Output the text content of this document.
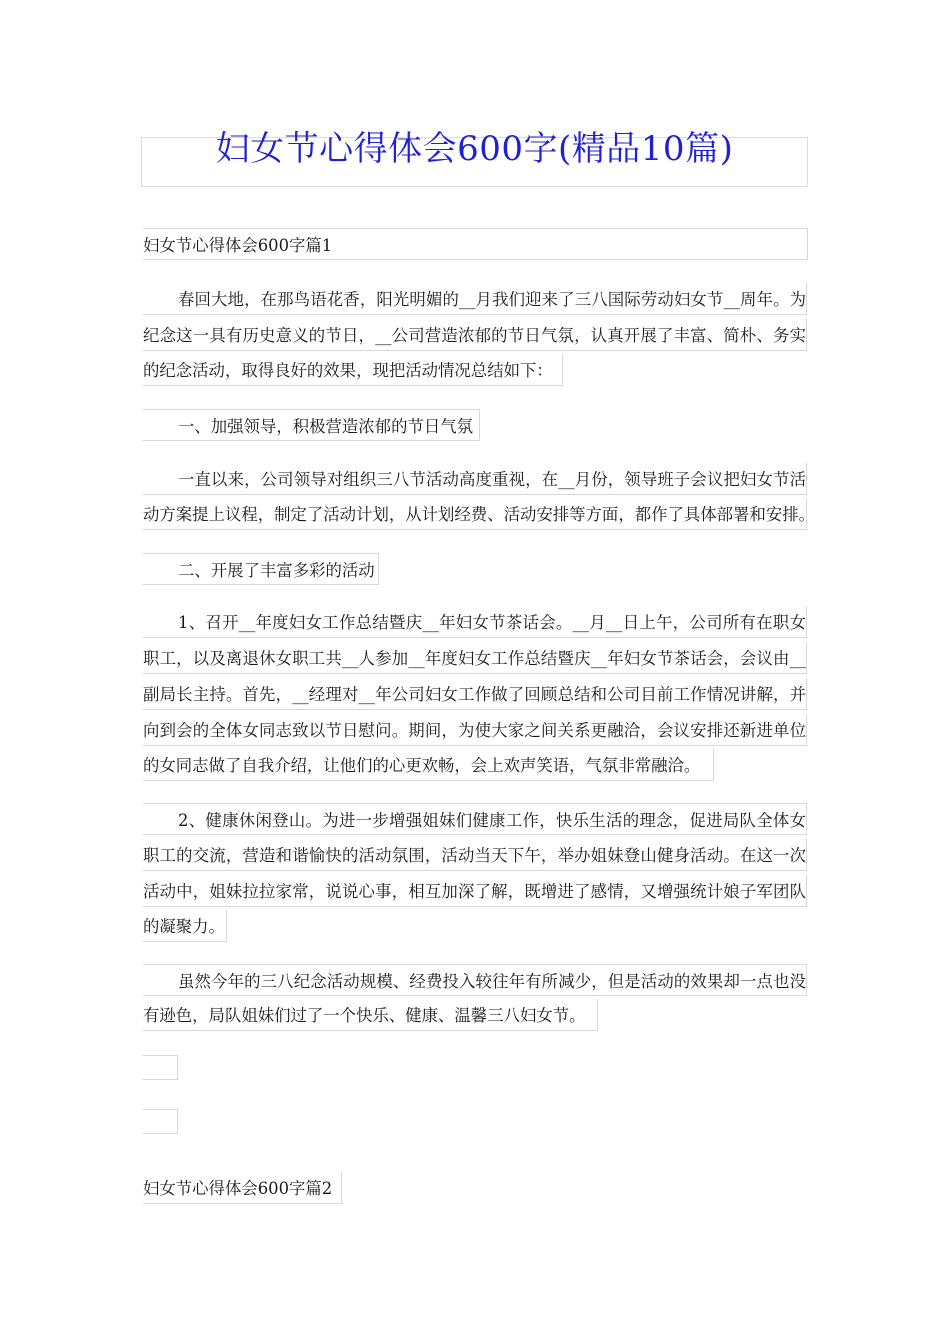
妇女节心得体会600字(精品10篇)
妇女节心得体会600字篇1
春回大地，在那鸟语花香，阳光明媚的__月我们迎来了三八国际劳动妇女节__周年。为
纪念这一具有历史意义的节日，__公司营造浓郁的节日气氛，认真开展了丰富、简朴、务实
的纪念活动，取得良好的效果，现把活动情况总结如下：
一、加强领导，积极营造浓郁的节日气氛
一直以来，公司领导对组织三八节活动高度重视，在__月份，领导班子会议把妇女节活
动方案提上议程，制定了活动计划，从计划经费、活动安排等方面，都作了具体部署和安排。
二、开展了丰富多彩的活动
1、召开__年度妇女工作总结暨庆__年妇女节茶话会。__月__日上午，公司所有在职女
职工，以及离退休女职工共__人参加__年度妇女工作总结暨庆__年妇女节茶话会，会议由__
副局长主持。首先，__经理对__年公司妇女工作做了回顾总结和公司目前工作情况讲解，并
向到会的全体女同志致以节日慰问。期间，为使大家之间关系更融洽，会议安排还新进单位
的女同志做了自我介绍，让他们的心更欢畅，会上欢声笑语，气氛非常融洽。
2、健康休闲登山。为进一步增强姐妹们健康工作，快乐生活的理念，促进局队全体女
职工的交流，营造和谐愉快的活动氛围，活动当天下午，举办姐妹登山健身活动。在这一次
活动中，姐妹拉拉家常，说说心事，相互加深了解，既增进了感情，又增强统计娘子军团队
的凝聚力。
虽然今年的三八纪念活动规模、经费投入较往年有所减少，但是活动的效果却一点也没
有逊色，局队姐妹们过了一个快乐、健康、温馨三八妇女节。
妇女节心得体会600字篇2
